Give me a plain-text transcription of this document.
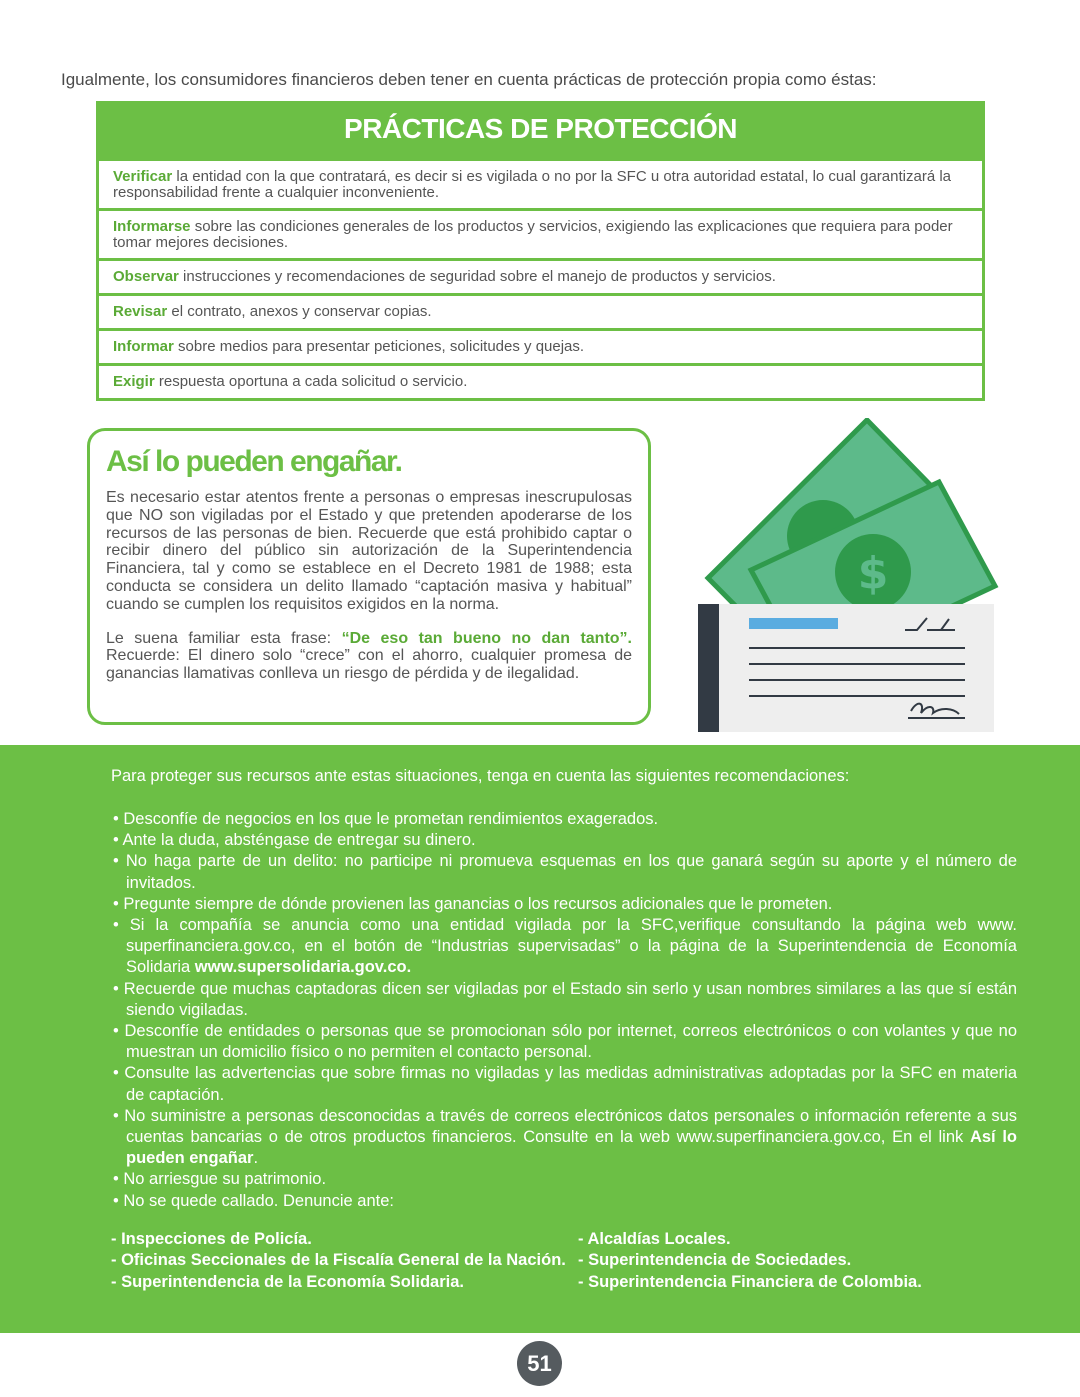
Igualmente, los consumidores financieros deben tener en cuenta prácticas de protección propia como éstas:
PRÁCTICAS DE PROTECCIÓN
Verificar la entidad con la que contratará, es decir si es vigilada o no por la SFC u otra autoridad estatal, lo cual garantizará la responsabilidad frente a cualquier inconveniente.
Informarse sobre las condiciones generales de los productos y servicios, exigiendo las explicaciones que requiera para poder tomar mejores decisiones.
Observar instrucciones y recomendaciones de seguridad sobre el manejo de productos y servicios.
Revisar el contrato, anexos y conservar copias.
Informar sobre medios para presentar peticiones, solicitudes y quejas.
Exigir respuesta oportuna a cada solicitud o servicio.
Así lo pueden engañar.

Es necesario estar atentos frente a personas o empresas inescrupulosas que NO son vigiladas por el Estado y que pretenden apoderarse de los recursos de las personas de bien. Recuerde que está prohibido captar o recibir dinero del público sin autorización de la Superintendencia Financiera, tal y como se establece en el Decreto 1981 de 1988; esta conducta se considera un delito llamado “captación masiva y habitual” cuando se cumplen los requisitos exigidos en la norma.

Le suena familiar esta frase: “De eso tan bueno no dan tanto”. Recuerde: El dinero solo “crece” con el ahorro, cualquier promesa de ganancias llamativas conlleva un riesgo de pérdida y de ilegalidad.

$
Para proteger sus recursos ante estas situaciones, tenga en cuenta las siguientes recomendaciones:
• Desconfíe de negocios en los que le prometan rendimientos exagerados.
• Ante la duda, absténgase de entregar su dinero.
• No haga parte de un delito: no participe ni promueva esquemas en los que ganará según su aporte y el número de invitados.
• Pregunte siempre de dónde provienen las ganancias o los recursos adicionales que le prometen.
• Si la compañía se anuncia como una entidad vigilada por la SFC,verifique consultando la página web www. superfinanciera.gov.co, en el botón de “Industrias supervisadas” o la página de la Superintendencia de Economía Solidaria www.supersolidaria.gov.co.
• Recuerde que muchas captadoras dicen ser vigiladas por el Estado sin serlo y usan nombres similares a las que sí están siendo vigiladas.
• Desconfíe de entidades o personas que se promocionan sólo por internet, correos electrónicos o con volantes y que no muestran un domicilio físico o no permiten el contacto personal.
• Consulte las advertencias que sobre firmas no vigiladas y las medidas administrativas adoptadas por la SFC en materia de captación.
• No suministre a personas desconocidas a través de correos electrónicos datos personales o información referente a sus cuentas bancarias o de otros productos financieros. Consulte en la web www.superfinanciera.gov.co, En el link Así lo pueden engañar.
• No arriesgue su patrimonio.
• No se quede callado. Denuncie ante:
- Inspecciones de Policía.
- Oficinas Seccionales de la Fiscalía General de la Nación.
- Superintendencia de la Economía Solidaria.
- Alcaldías Locales.
- Superintendencia de Sociedades.
- Superintendencia Financiera de Colombia.
51
